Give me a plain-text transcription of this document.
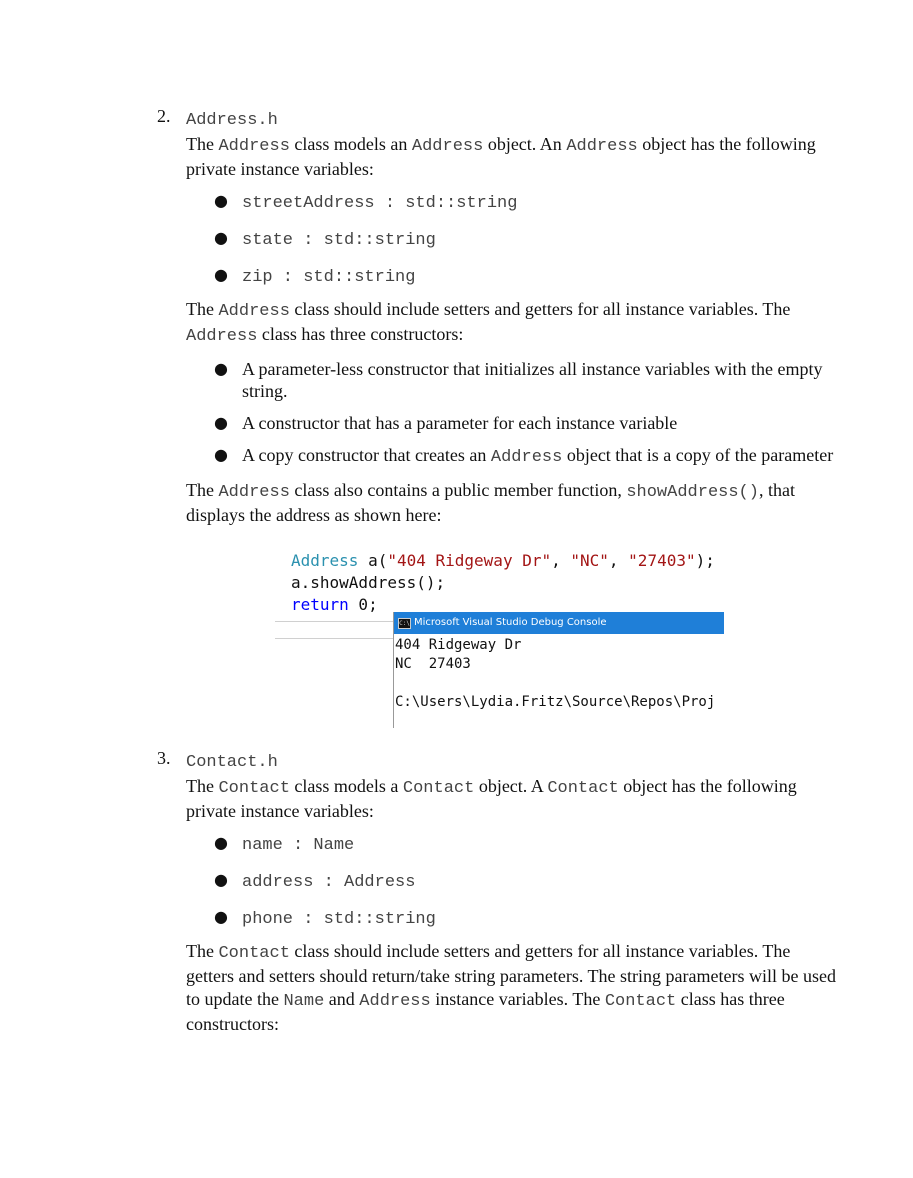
2. Address.h

The Address class models an Address object. An Address object has the following private instance variables:

● streetAddress : std::string
● state : std::string
● zip : std::string

The Address class should include setters and getters for all instance variables. The Address class has three constructors:

● A parameter-less constructor that initializes all instance variables with the empty string.
● A constructor that has a parameter for each instance variable
● A copy constructor that creates an Address object that is a copy of the parameter

The Address class also contains a public member function, showAddress(), that displays the address as shown here:

Address a("404 Ridgeway Dr", "NC", "27403");
a.showAddress();
return 0;
C:\ Microsoft Visual Studio Debug Console
404 Ridgeway Dr
NC  27403

C:\Users\Lydia.Fritz\Source\Repos\Proj
3. Contact.h

The Contact class models a Contact object. A Contact object has the following private instance variables:

● name : Name
● address : Address
● phone : std::string

The Contact class should include setters and getters for all instance variables. The getters and setters should return/take string parameters. The string parameters will be used to update the Name and Address instance variables. The Contact class has three constructors:
